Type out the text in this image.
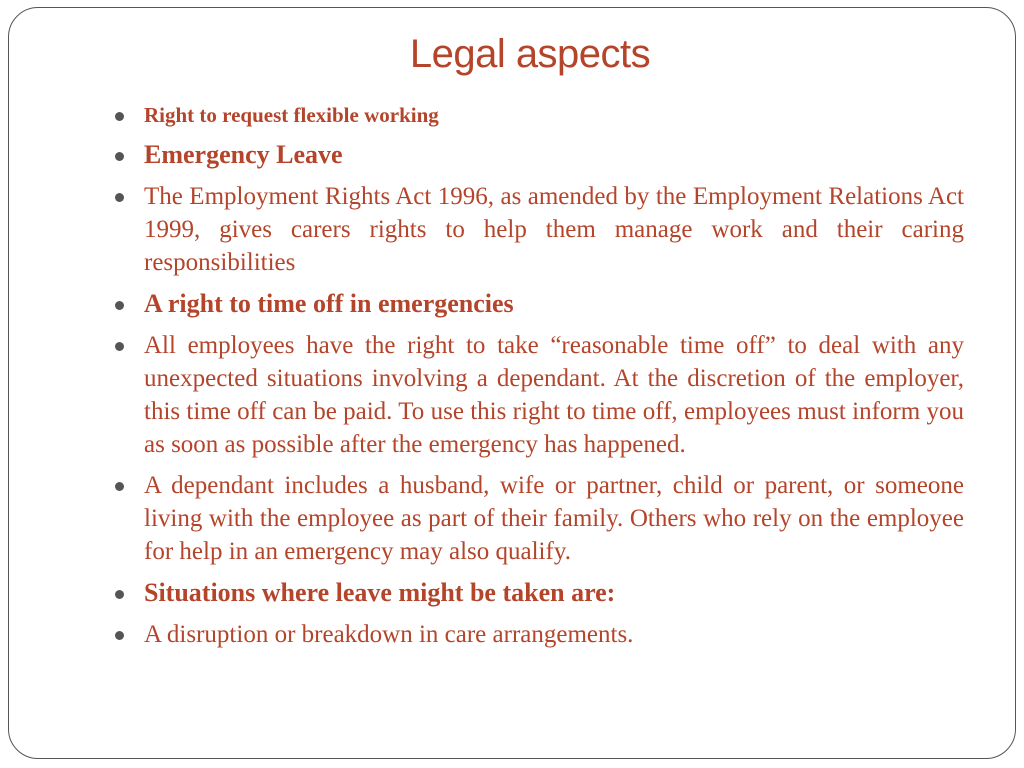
Legal aspects
Right to request flexible working
Emergency Leave
The Employment Rights Act 1996, as amended by the Employment Relations Act 1999, gives carers rights to help them manage work and their caring responsibilities
A right to time off in emergencies
All employees have the right to take “reasonable time off” to deal with any unexpected situations involving a dependant. At the discretion of the employer, this time off can be paid. To use this right to time off, employees must inform you as soon as possible after the emergency has happened.
A dependant includes a husband, wife or partner, child or parent, or someone living with the employee as part of their family. Others who rely on the employee for help in an emergency may also qualify.
Situations where leave might be taken are:
A disruption or breakdown in care arrangements.
